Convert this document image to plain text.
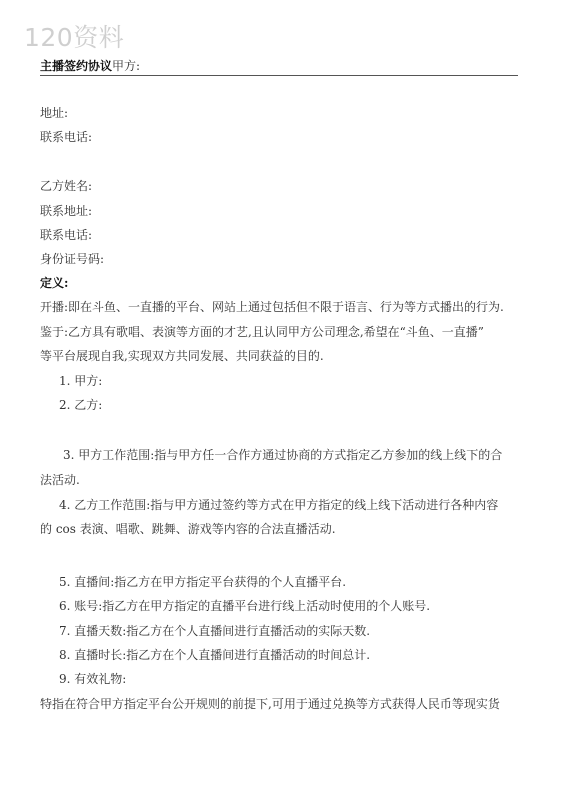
120资料
主播签约协议甲方:
地址:
联系电话:
乙方姓名:
联系地址:
联系电话:
身份证号码:
定义:
开播:即在斗鱼、一直播的平台、网站上通过包括但不限于语言、行为等方式播出的行为.
鉴于:乙方具有歌唱、表演等方面的才艺,且认同甲方公司理念,希望在“斗鱼、一直播”
等平台展现自我,实现双方共同发展、共同获益的目的.
1. 甲方:
2. 乙方:
3. 甲方工作范围:指与甲方任一合作方通过协商的方式指定乙方参加的线上线下的合
法活动.
4. 乙方工作范围:指与甲方通过签约等方式在甲方指定的线上线下活动进行各种内容
的 cos 表演、唱歌、跳舞、游戏等内容的合法直播活动.
5. 直播间:指乙方在甲方指定平台获得的个人直播平台.
6. 账号:指乙方在甲方指定的直播平台进行线上活动时使用的个人账号.
7. 直播天数:指乙方在个人直播间进行直播活动的实际天数.
8. 直播时长:指乙方在个人直播间进行直播活动的时间总计.
9. 有效礼物:
特指在符合甲方指定平台公开规则的前提下,可用于通过兑换等方式获得人民币等现实货
